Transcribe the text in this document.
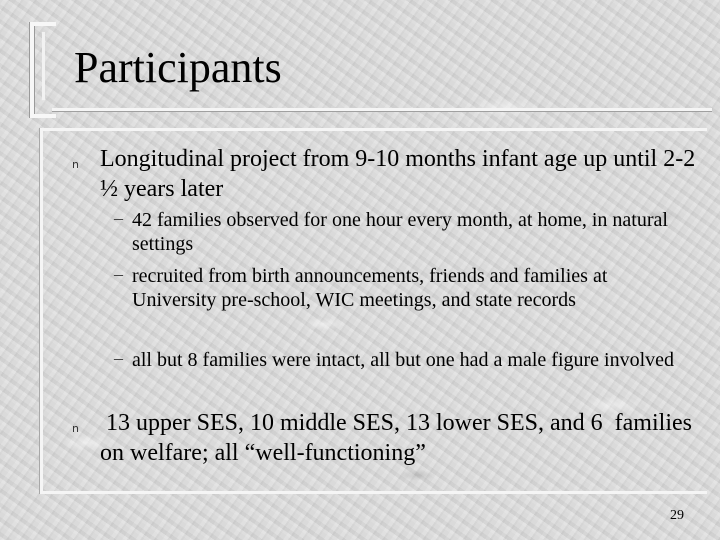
Participants
n Longitudinal project from 9-10 months infant age up until 2-2 ½ years later

– 42 families observed for one hour every month, at home, in natural settings

– recruited from birth announcements, friends and families at University pre-school, WIC meetings, and state records

– all but 8 families were intact, all but one had a male figure involved

n 13 upper SES, 10 middle SES, 13 lower SES, and 6  families on welfare; all “well-functioning”

29
